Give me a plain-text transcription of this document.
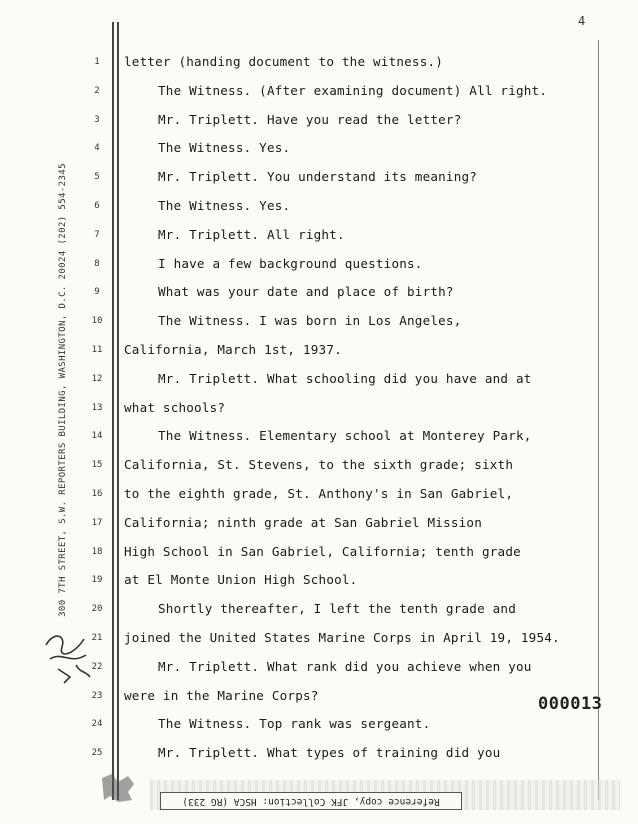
4
300 7TH STREET, S.W. REPORTERS BUILDING, WASHINGTON, D.C. 20024 (202) 554-2345
1	letter (handing document to the witness.)
2	The Witness. (After examining document) All right.
3	Mr. Triplett. Have you read the letter?
4	The Witness. Yes.
5	Mr. Triplett. You understand its meaning?
6	The Witness. Yes.
7	Mr. Triplett. All right.
8	I have a few background questions.
9	What was your date and place of birth?
10	The Witness. I was born in Los Angeles,
11	California, March 1st, 1937.
12	Mr. Triplett. What schooling did you have and at
13	what schools?
14	The Witness. Elementary school at Monterey Park,
15	California, St. Stevens, to the sixth grade; sixth
16	to the eighth grade, St. Anthony's in San Gabriel,
17	California; ninth grade at San Gabriel Mission
18	High School in San Gabriel, California; tenth grade
19	at El Monte Union High School.
20	Shortly thereafter, I left the tenth grade and
21	joined the United States Marine Corps in April 19, 1954.
22	Mr. Triplett. What rank did you achieve when you
23	were in the Marine Corps?
24	The Witness. Top rank was sergeant.
25	Mr. Triplett. What types of training did you
000013
Reference copy, JFK Collection: HSCA (RG 233)
